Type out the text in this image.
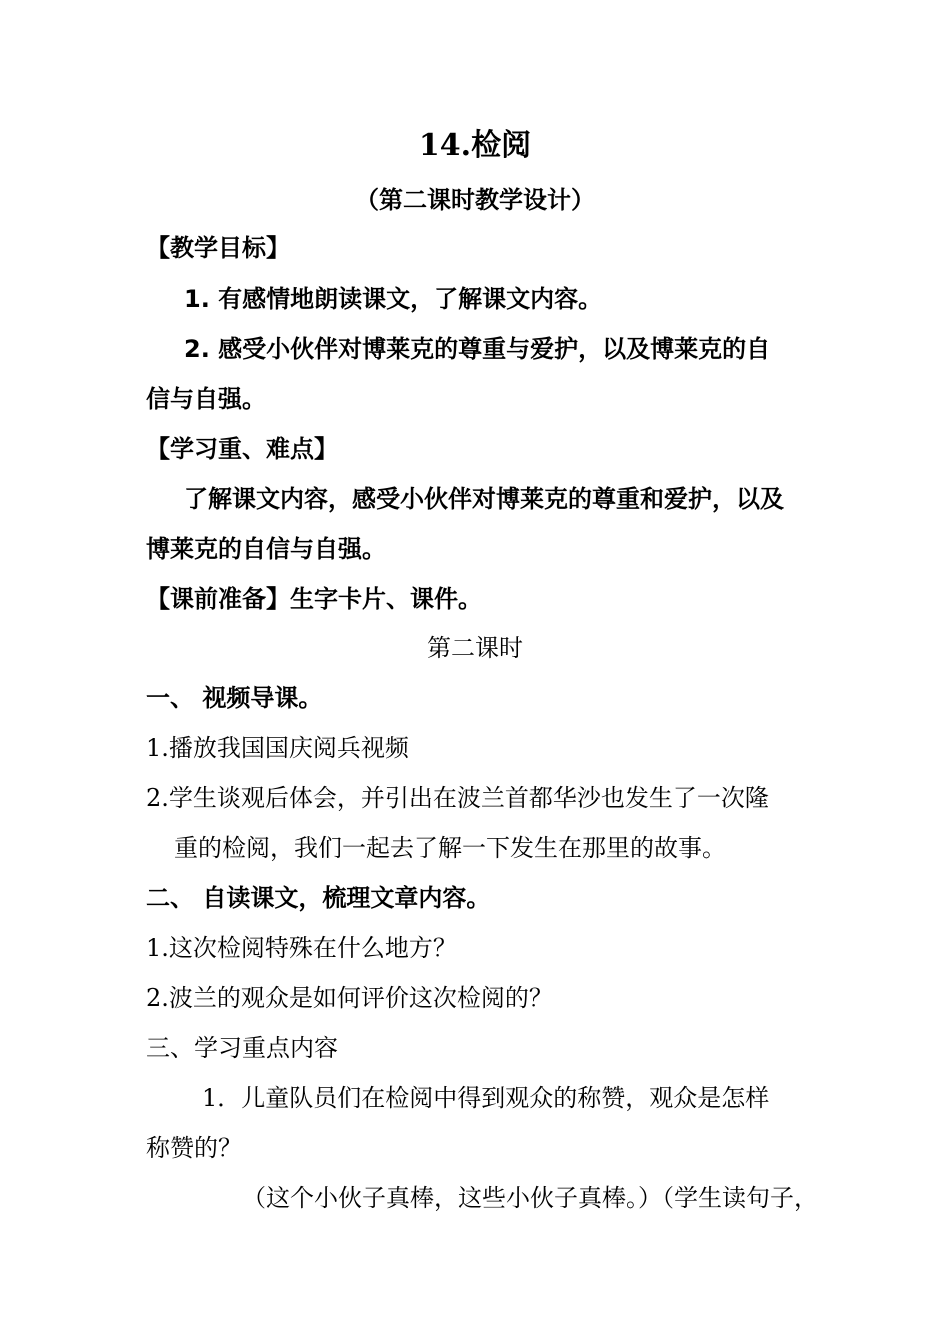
14.检阅
（第二课时教学设计）
【教学目标】
1. 有感情地朗读课文，了解课文内容。
2. 感受小伙伴对博莱克的尊重与爱护，以及博莱克的自
信与自强。
【学习重、难点】
了解课文内容，感受小伙伴对博莱克的尊重和爱护，以及
博莱克的自信与自强。
【课前准备】生字卡片、课件。
第二课时
一、 视频导课。
1.播放我国国庆阅兵视频
2.学生谈观后体会，并引出在波兰首都华沙也发生了一次隆
重的检阅，我们一起去了解一下发生在那里的故事。
二、 自读课文，梳理文章内容。
1.这次检阅特殊在什么地方？
2.波兰的观众是如何评价这次检阅的？
三、学习重点内容
1．儿童队员们在检阅中得到观众的称赞，观众是怎样
称赞的？
（这个小伙子真棒，这些小伙子真棒。）（学生读句子，
